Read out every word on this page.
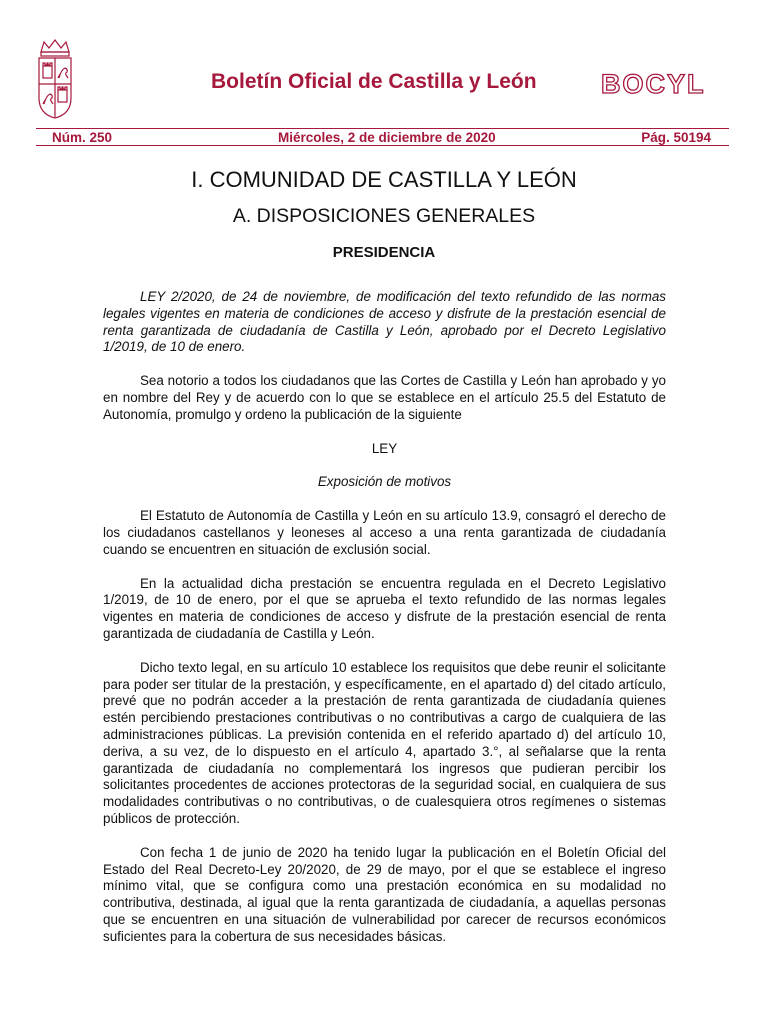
Boletín Oficial de Castilla y León BOCYL
Núm. 250	Miércoles, 2 de diciembre de 2020	Pág. 50194
I. COMUNIDAD DE CASTILLA Y LEÓN
A. DISPOSICIONES GENERALES
PRESIDENCIA

LEY 2/2020, de 24 de noviembre, de modificación del texto refundido de las normas legales vigentes en materia de condiciones de acceso y disfrute de la prestación esencial de renta garantizada de ciudadanía de Castilla y León, aprobado por el Decreto Legislativo 1/2019, de 10 de enero.

Sea notorio a todos los ciudadanos que las Cortes de Castilla y León han aprobado y yo en nombre del Rey y de acuerdo con lo que se establece en el artículo 25.5 del Estatuto de Autonomía, promulgo y ordeno la publicación de la siguiente

LEY

Exposición de motivos

El Estatuto de Autonomía de Castilla y León en su artículo 13.9, consagró el derecho de los ciudadanos castellanos y leoneses al acceso a una renta garantizada de ciudadanía cuando se encuentren en situación de exclusión social.

En la actualidad dicha prestación se encuentra regulada en el Decreto Legislativo 1/2019, de 10 de enero, por el que se aprueba el texto refundido de las normas legales vigentes en materia de condiciones de acceso y disfrute de la prestación esencial de renta garantizada de ciudadanía de Castilla y León.

Dicho texto legal, en su artículo 10 establece los requisitos que debe reunir el solicitante para poder ser titular de la prestación, y específicamente, en el apartado d) del citado artículo, prevé que no podrán acceder a la prestación de renta garantizada de ciudadanía quienes estén percibiendo prestaciones contributivas o no contributivas a cargo de cualquiera de las administraciones públicas. La previsión contenida en el referido apartado d) del artículo 10, deriva, a su vez, de lo dispuesto en el artículo 4, apartado 3.°, al señalarse que la renta garantizada de ciudadanía no complementará los ingresos que pudieran percibir los solicitantes procedentes de acciones protectoras de la seguridad social, en cualquiera de sus modalidades contributivas o no contributivas, o de cualesquiera otros regímenes o sistemas públicos de protección.

Con fecha 1 de junio de 2020 ha tenido lugar la publicación en el Boletín Oficial del Estado del Real Decreto-Ley 20/2020, de 29 de mayo, por el que se establece el ingreso mínimo vital, que se configura como una prestación económica en su modalidad no contributiva, destinada, al igual que la renta garantizada de ciudadanía, a aquellas personas que se encuentren en una situación de vulnerabilidad por carecer de recursos económicos suficientes para la cobertura de sus necesidades básicas.
